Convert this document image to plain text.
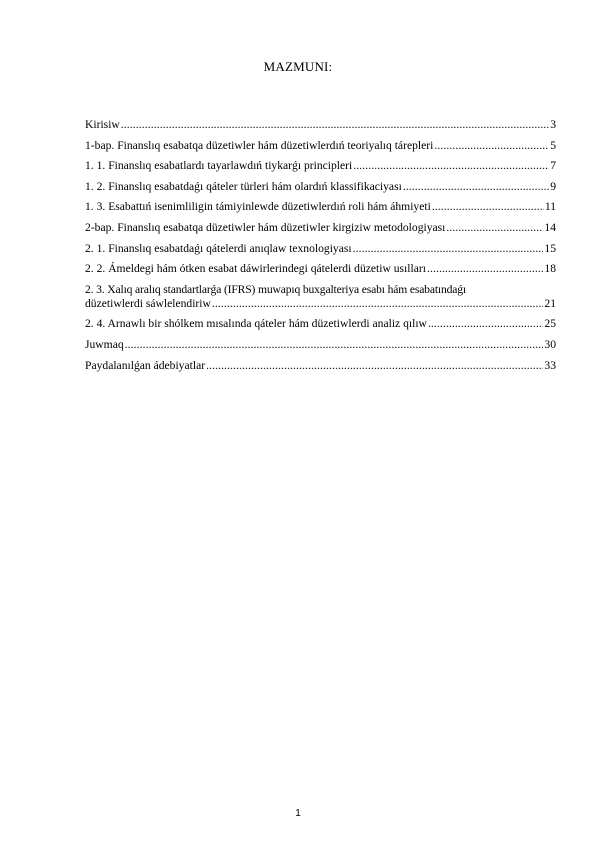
MAZMUNI:
Kirisiw . . .	3
1-bap. Finanslıq esabatqa düzetiwler hám düzetiwlerdıń teoriyalıq tárepleri . . .	5
1. 1. Finanslıq esabatlardı tayarlawdıń tiykarǵı principleri . . .	7
1. 2. Finanslıq esabatdaǵı qáteler türleri hám olardıń klassifikaciyası . . .	9
1. 3. Esabattıń isenimliligin támiyinlewde düzetiwlerdıń roli hám áhmiyeti . . .	11
2-bap. Finanslıq esabatqa düzetiwler hám düzetiwler kirgiziw metodologiyası . . .	14
2. 1. Finanslıq esabatdaǵı qátelerdi anıqlaw texnologiyası . . .	15
2. 2. Ámeldegi hám ótken esabat dáwirlerindegi qátelerdi düzetiw usılları . . .	18
2. 3. Xalıq aralıq standartlarǵa (IFRS) muwapıq buxgalteriya esabı hám esabatındaǵı
düzetiwlerdi sáwlelendiriw . . .	21
2. 4. Arnawlı bir shólkem mısalında qáteler hám düzetiwlerdi analiz qılıw . . .	25
Juwmaq . . .	30
Paydalanılǵan ádebiyatlar . . .	33
1
